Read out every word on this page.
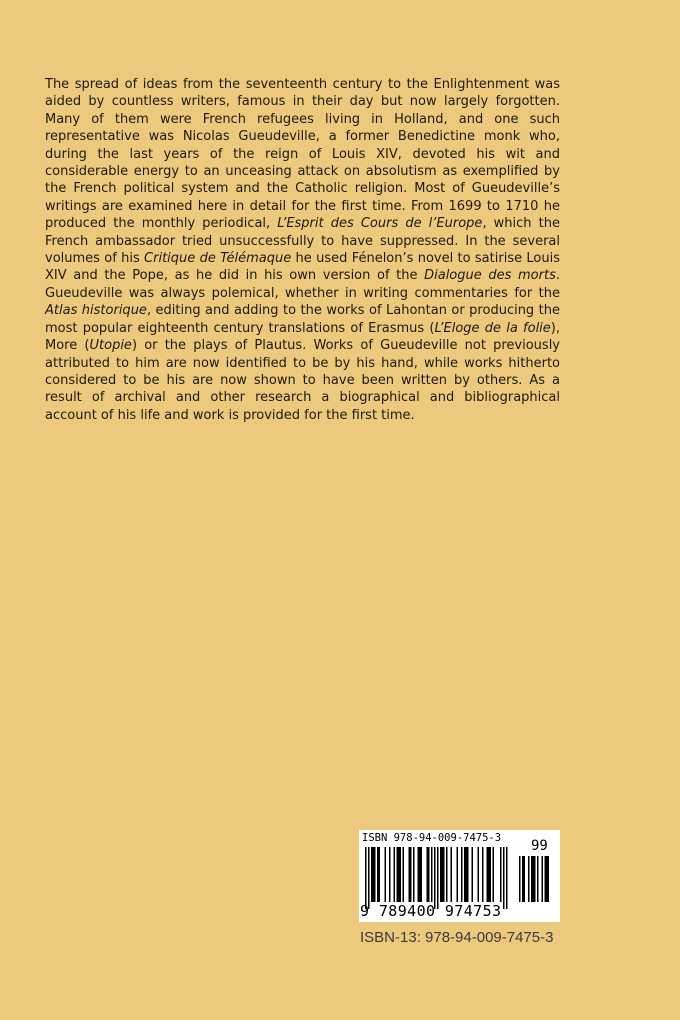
The spread of ideas from the seventeenth century to the Enlightenment was aided by countless writers, famous in their day but now largely forgotten. Many of them were French refugees living in Holland, and one such representative was Nicolas Gueudeville, a former Benedictine monk who, during the last years of the reign of Louis XIV, devoted his wit and considerable energy to an unceasing attack on absolutism as exemplified by the French political system and the Catholic religion. Most of Gueudeville’s writings are examined here in detail for the first time. From 1699 to 1710 he produced the monthly periodical, L’Esprit des Cours de l’Europe, which the French ambassador tried unsuccessfully to have suppressed. In the several volumes of his Critique de Télémaque he used Fénelon’s novel to satirise Louis XIV and the Pope, as he did in his own version of the Dialogue des morts. Gueudeville was always polemical, whether in writing commentaries for the Atlas historique, editing and adding to the works of Lahontan or producing the most popular eighteenth century translations of Erasmus (L’Eloge de la folie), More (Utopie) or the plays of Plautus. Works of Gueudeville not previously attributed to him are now identified to be by his hand, while works hitherto considered to be his are now shown to have been written by others. As a result of archival and other research a biographical and bibliographical account of his life and work is provided for the first time.

ISBN 978-94-009-7475-3 99
9 789400 974753
ISBN-13: 978-94-009-7475-3
